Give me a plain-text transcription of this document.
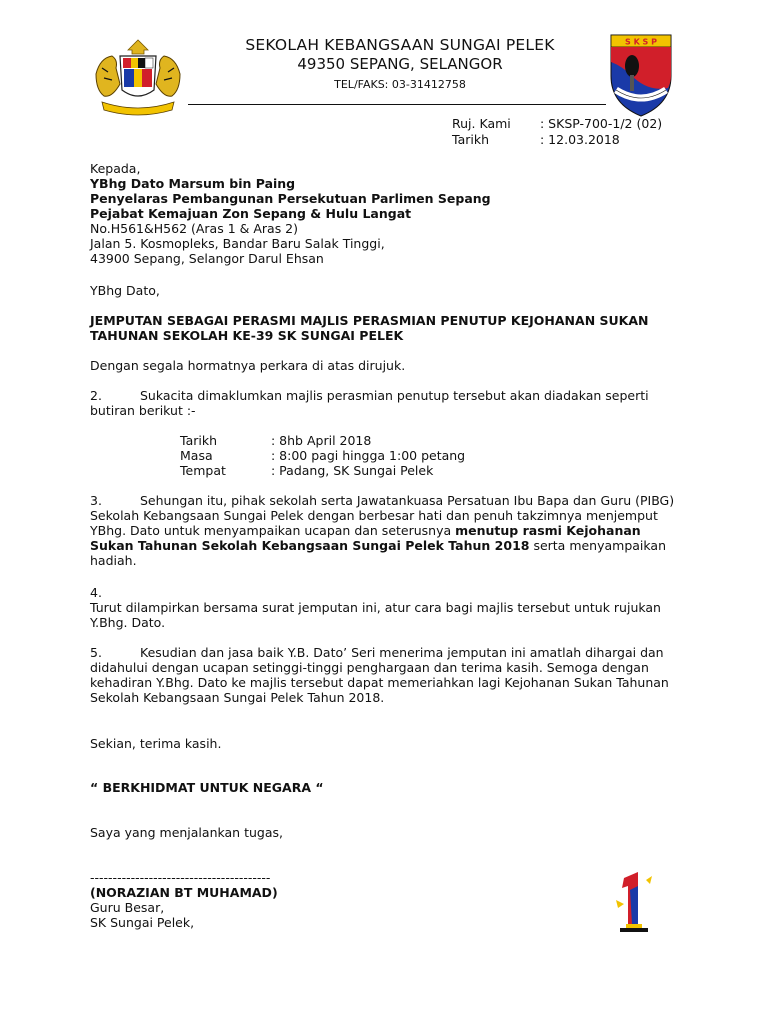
SEKOLAH KEBANGSAAN SUNGAI PELEK
49350 SEPANG, SELANGOR
TEL/FAKS: 03-31412758
S K S P
Ruj. Kami	: SKSP-700-1/2 (02)
Tarikh	: 12.03.2018
Kepada,
YBhg Dato Marsum bin Paing
Penyelaras Pembangunan Persekutuan Parlimen Sepang
Pejabat Kemajuan Zon Sepang & Hulu Langat
No.H561&H562 (Aras 1 & Aras 2)
Jalan 5. Kosmopleks, Bandar Baru Salak Tinggi,
43900 Sepang, Selangor Darul Ehsan
YBhg Dato,
JEMPUTAN SEBAGAI PERASMI MAJLIS PERASMIAN PENUTUP KEJOHANAN SUKAN
TAHUNAN SEKOLAH KE-39 SK SUNGAI PELEK
Dengan segala hormatnya perkara di atas dirujuk.
2.	Sukacita dimaklumkan majlis perasmian penutup tersebut akan diadakan seperti
butiran berikut :-
Tarikh	: 8hb April 2018
Masa	: 8:00 pagi hingga 1:00 petang
Tempat	: Padang, SK Sungai Pelek
3.	Sehungan itu, pihak sekolah serta Jawatankuasa Persatuan Ibu Bapa dan Guru (PIBG)
Sekolah Kebangsaan Sungai Pelek dengan berbesar hati dan penuh takzimnya menjemput
YBhg. Dato untuk menyampaikan ucapan dan seterusnya menutup rasmi Kejohanan
Sukan Tahunan Sekolah Kebangsaan Sungai Pelek Tahun 2018 serta menyampaikan
hadiah.
4.
Turut dilampirkan bersama surat jemputan ini, atur cara bagi majlis tersebut untuk rujukan
Y.Bhg. Dato.
5.	Kesudian dan jasa baik Y.B. Dato’ Seri menerima jemputan ini amatlah dihargai dan
didahului dengan ucapan setinggi-tinggi penghargaan dan terima kasih. Semoga dengan
kehadiran Y.Bhg. Dato ke majlis tersebut dapat memeriahkan lagi Kejohanan Sukan Tahunan
Sekolah Kebangsaan Sungai Pelek Tahun 2018.
Sekian, terima kasih.
“ BERKHIDMAT UNTUK NEGARA “
Saya yang menjalankan tugas,
----------------------------------------
(NORAZIAN BT MUHAMAD)
Guru Besar,
SK Sungai Pelek,
